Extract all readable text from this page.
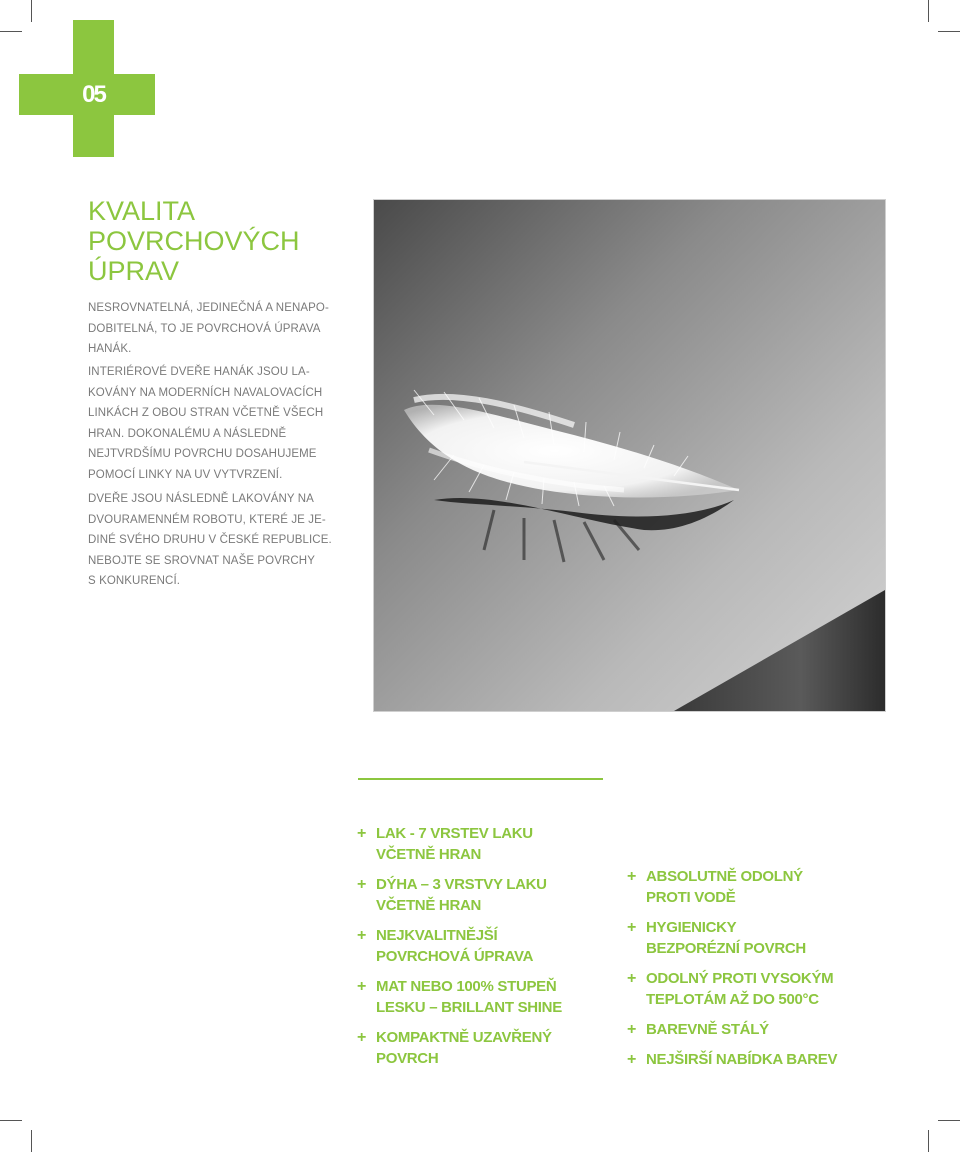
05
KVALITA
POVRCHOVÝCH
ÚPRAV

NESROVNATELNÁ, JEDINEČNÁ A NENAPO-
DOBITELNÁ, TO JE POVRCHOVÁ ÚPRAVA
HANÁK.

INTERIÉROVÉ DVEŘE HANÁK JSOU LA-
KOVÁNY NA MODERNÍCH NAVALOVACÍCH
LINKÁCH Z OBOU STRAN VČETNĚ VŠECH
HRAN. DOKONALÉMU A NÁSLEDNĚ
NEJTVRDŠÍMU POVRCHU DOSAHUJEME
POMOCÍ LINKY NA UV VYTVRZENÍ.

DVEŘE JSOU NÁSLEDNĚ LAKOVÁNY NA
DVOURAMENNÉM ROBOTU, KTERÉ JE JE-
DINÉ SVÉHO DRUHU V ČESKÉ REPUBLICE.
NEBOJTE SE SROVNAT NAŠE POVRCHY
S KONKURENCÍ.

+ LAK - 7 VRSTEV LAKU
VČETNĚ HRAN
+ DÝHA – 3 VRSTVY LAKU
VČETNĚ HRAN
+ NEJKVALITNĚJŠÍ
POVRCHOVÁ ÚPRAVA
+ MAT NEBO 100% STUPEŇ
LESKU – BRILLANT SHINE
+ KOMPAKTNĚ UZAVŘENÝ
POVRCH
+ ABSOLUTNĚ ODOLNÝ
PROTI VODĚ
+ HYGIENICKY
BEZPORÉZNÍ POVRCH
+ ODOLNÝ PROTI VYSOKÝM
TEPLOTÁM AŽ DO 500°C
+ BAREVNĚ STÁLÝ
+ NEJŠIRŠÍ NABÍDKA BAREV
